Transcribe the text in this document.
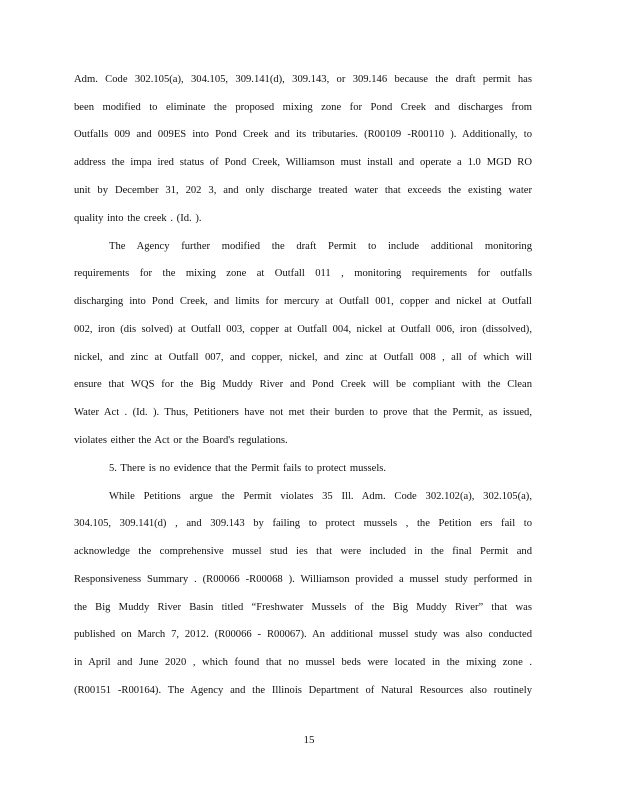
Adm. Code 302.105(a), 304.105, 309.141(d), 309.143, or 309.146 because the draft permit has
been modified to eliminate the proposed mixing zone for Pond Creek and discharges from
Outfalls 009 and 009ES into Pond Creek and its tributaries. (R00109 -R00110 ). Additionally, to
address the impa ired status of Pond Creek, Williamson must install and operate a 1.0 MGD RO
unit by December 31, 202 3, and only discharge treated water that exceeds the existing water
quality into the creek . (Id. ).
The Agency further modified the draft Permit to include additional monitoring
requirements for the mixing zone at Outfall 011 , monitoring requirements for outfalls
discharging into Pond Creek, and limits for mercury at Outfall 001, copper and nickel at Outfall
002, iron (dis solved) at Outfall 003, copper at Outfall 004, nickel at Outfall 006, iron (dissolved),
nickel, and zinc at Outfall 007, and copper, nickel, and zinc at Outfall 008 , all of which will
ensure that WQS for the Big Muddy River and Pond Creek will be compliant with the Clean
Water Act . (Id. ). Thus, Petitioners have not met their burden to prove that the Permit, as issued,
violates either the Act or the Board's regulations.
5. There is no evidence that the Permit fails to protect mussels.
While Petitions argue the Permit violates 35 Ill. Adm. Code 302.102(a), 302.105(a),
304.105, 309.141(d) , and 309.143 by failing to protect mussels , the Petition ers fail to
acknowledge the comprehensive mussel stud ies that were included in the final Permit and
Responsiveness Summary . (R00066 -R00068 ). Williamson provided a mussel study performed in
the Big Muddy River Basin titled “Freshwater Mussels of the Big Muddy River” that was
published on March 7, 2012. (R00066 - R00067). An additional mussel study was also conducted
in April and June 2020 , which found that no mussel beds were located in the mixing zone .
(R00151 -R00164). The Agency and the Illinois Department of Natural Resources also routinely
15
